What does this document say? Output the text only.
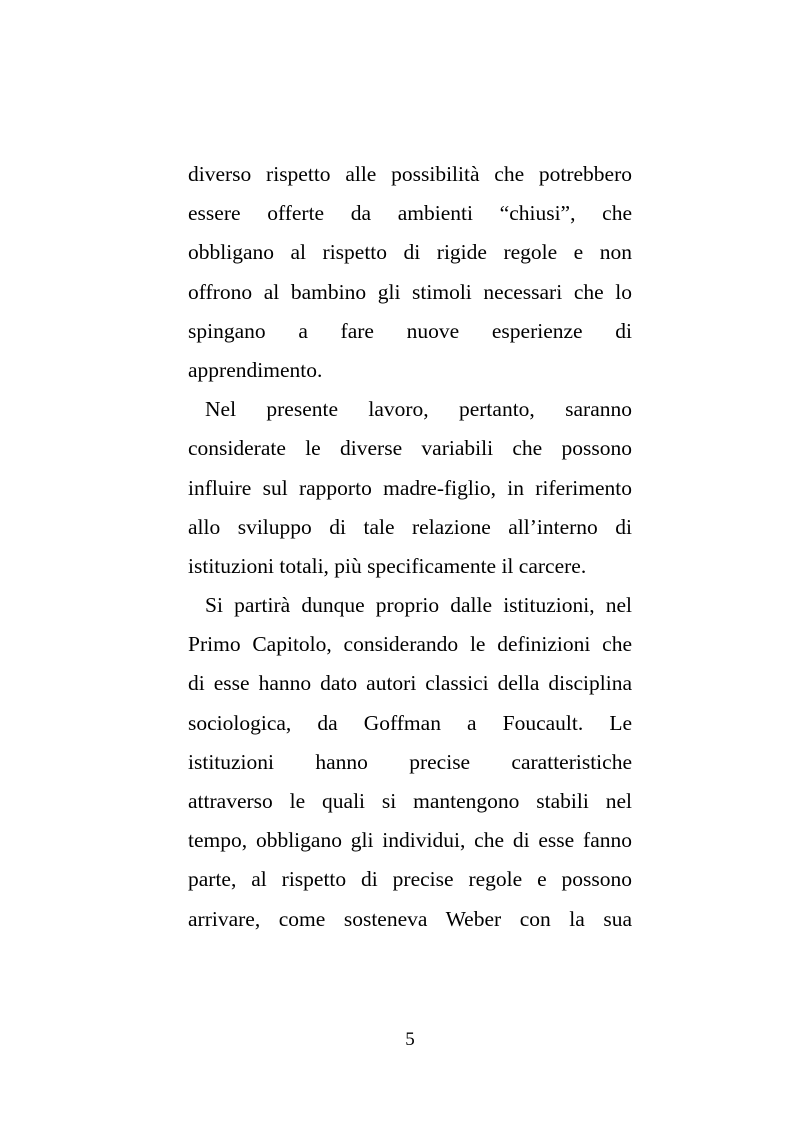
diverso rispetto alle possibilità che potrebbero
essere offerte da ambienti “chiusi”, che
obbligano al rispetto di rigide regole e non
offrono al bambino gli stimoli necessari che lo
spingano a fare nuove esperienze di
apprendimento.
Nel presente lavoro, pertanto, saranno
considerate le diverse variabili che possono
influire sul rapporto madre-figlio, in riferimento
allo sviluppo di tale relazione all’interno di
istituzioni totali, più specificamente il carcere.
Si partirà dunque proprio dalle istituzioni, nel
Primo Capitolo, considerando le definizioni che
di esse hanno dato autori classici della disciplina
sociologica, da Goffman a Foucault. Le
istituzioni hanno precise caratteristiche
attraverso le quali si mantengono stabili nel
tempo, obbligano gli individui, che di esse fanno
parte, al rispetto di precise regole e possono
arrivare, come sosteneva Weber con la sua
5
